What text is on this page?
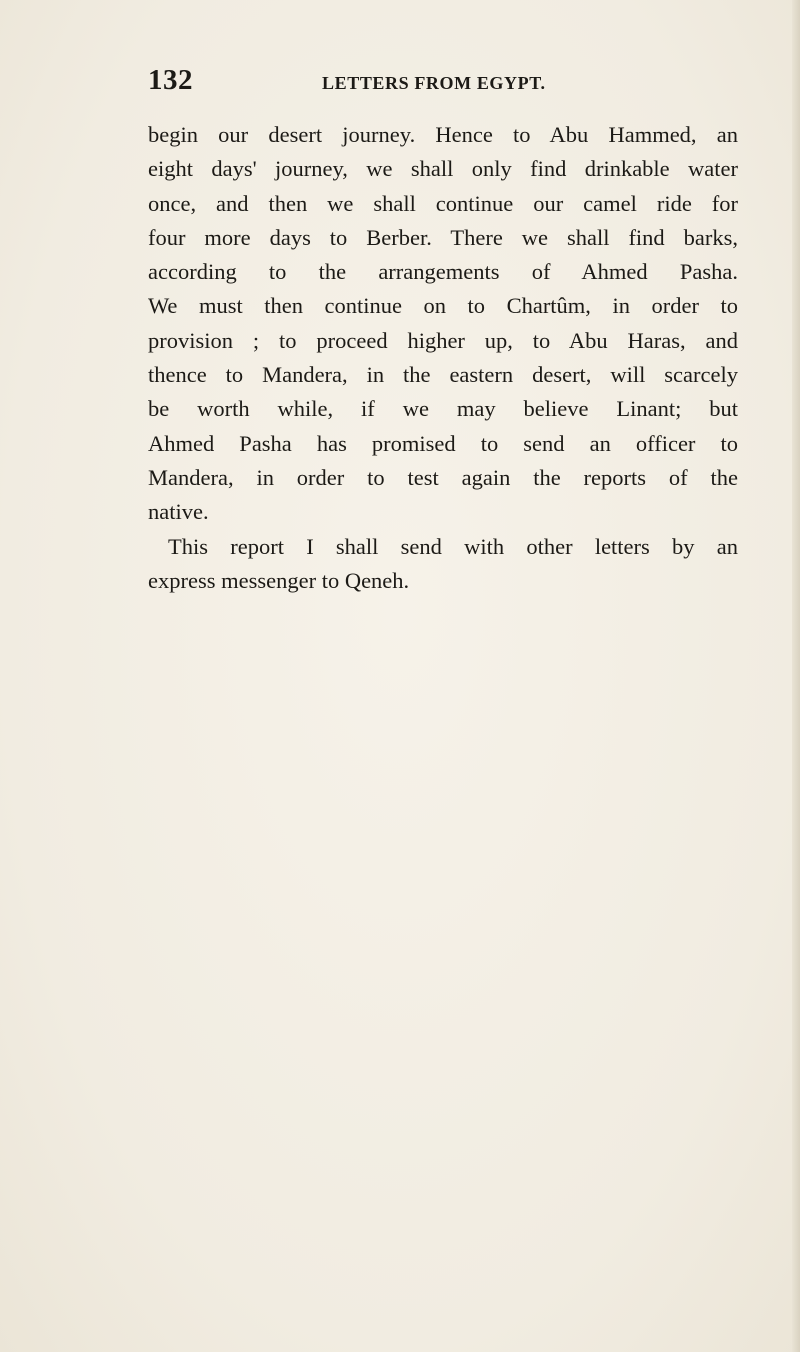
132	LETTERS FROM EGYPT.
begin our desert journey. Hence to Abu Hammed, an
eight days' journey, we shall only find drinkable water
once, and then we shall continue our camel ride for
four more days to Berber. There we shall find barks,
according to the arrangements of Ahmed Pasha.
We must then continue on to Chartûm, in order to
provision ; to proceed higher up, to Abu Haras, and
thence to Mandera, in the eastern desert, will scarcely
be worth while, if we may believe Linant; but
Ahmed Pasha has promised to send an officer to
Mandera, in order to test again the reports of the
native.
This report I shall send with other letters by an
express messenger to Qeneh.
